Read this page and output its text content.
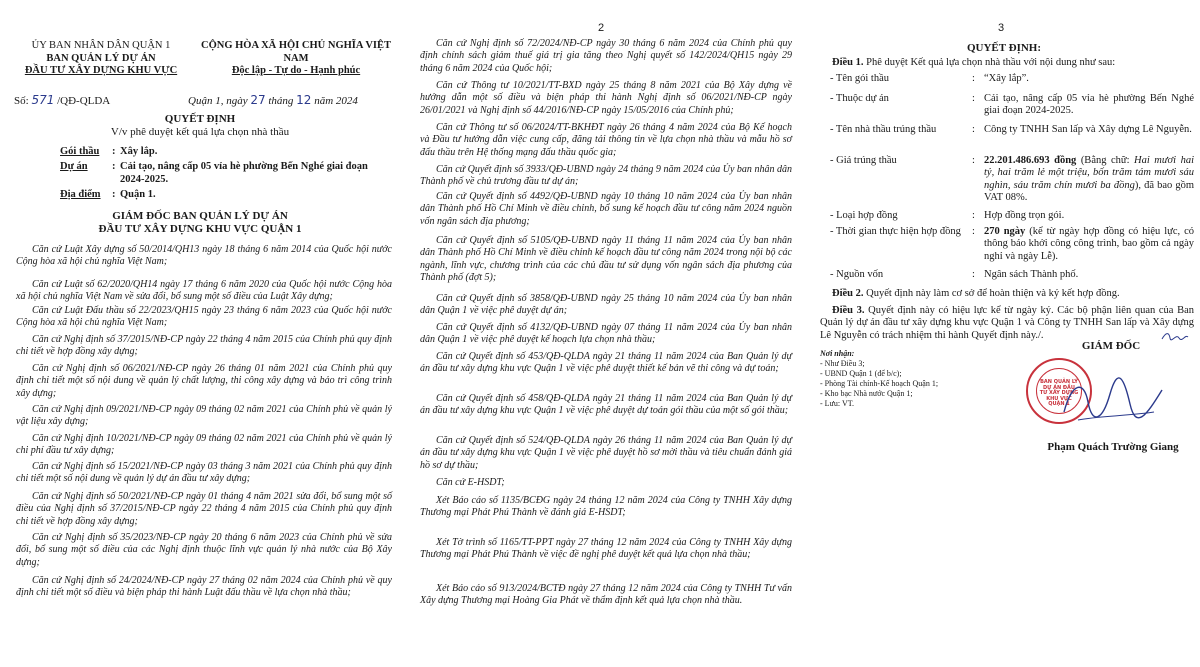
ỦY BAN NHÂN DÂN QUẬN 1
BAN QUẢN LÝ DỰ ÁN
ĐẦU TƯ XÂY DỰNG KHU VỰC
CỘNG HÒA XÃ HỘI CHỦ NGHĨA VIỆT NAM
Độc lập - Tự do - Hạnh phúc
Số: 571 /QĐ-QLDA	Quận 1, ngày 27 tháng 12 năm 2024
QUYẾT ĐỊNH
V/v phê duyệt kết quả lựa chọn nhà thầu
Gói thầu	: Xây lắp.
Dự án	: Cải tạo, nâng cấp 05 vỉa hè phường Bến Nghé giai đoạn 2024-2025.
Địa điểm	: Quận 1.
GIÁM ĐỐC BAN QUẢN LÝ DỰ ÁN
ĐẦU TƯ XÂY DỰNG KHU VỰC QUẬN 1

Căn cứ Luật Xây dựng số 50/2014/QH13 ngày 18 tháng 6 năm 2014 của Quốc hội nước Cộng hòa xã hội chủ nghĩa Việt Nam;

Căn cứ Luật số 62/2020/QH14 ngày 17 tháng 6 năm 2020 của Quốc hội nước Cộng hòa xã hội chủ nghĩa Việt Nam về sửa đổi, bổ sung một số điều của Luật Xây dựng;

Căn cứ Luật Đấu thầu số 22/2023/QH15 ngày 23 tháng 6 năm 2023 của Quốc hội nước Cộng hòa xã hội chủ nghĩa Việt Nam;

Căn cứ Nghị định số 37/2015/NĐ-CP ngày 22 tháng 4 năm 2015 của Chính phủ quy định chi tiết về hợp đồng xây dựng;

Căn cứ Nghị định số 06/2021/NĐ-CP ngày 26 tháng 01 năm 2021 của Chính phủ quy định chi tiết một số nội dung về quản lý chất lượng, thi công xây dựng và bảo trì công trình xây dựng;

Căn cứ Nghị định 09/2021/NĐ-CP ngày 09 tháng 02 năm 2021 của Chính phủ về quản lý vật liệu xây dựng;

Căn cứ Nghị định 10/2021/NĐ-CP ngày 09 tháng 02 năm 2021 của Chính phủ về quản lý chi phí đầu tư xây dựng;

Căn cứ Nghị định số 15/2021/NĐ-CP ngày 03 tháng 3 năm 2021 của Chính phủ quy định chi tiết một số nội dung về quản lý dự án đầu tư xây dựng;

Căn cứ Nghị định số 50/2021/NĐ-CP ngày 01 tháng 4 năm 2021 sửa đổi, bổ sung một số điều của Nghị định số 37/2015/NĐ-CP ngày 22 tháng 4 năm 2015 của Chính phủ quy định chi tiết về hợp đồng xây dựng;

Căn cứ Nghị định số 35/2023/NĐ-CP ngày 20 tháng 6 năm 2023 của Chính phủ về sửa đổi, bổ sung một số điều của các Nghị định thuộc lĩnh vực quản lý nhà nước của Bộ Xây dựng;

Căn cứ Nghị định số 24/2024/NĐ-CP ngày 27 tháng 02 năm 2024 của Chính phủ về quy định chi tiết một số điều và biện pháp thi hành Luật đấu thầu về lựa chọn nhà thầu;

2

Căn cứ Nghị định số 72/2024/NĐ-CP ngày 30 tháng 6 năm 2024 của Chính phủ quy định chính sách giảm thuế giá trị gia tăng theo Nghị quyết số 142/2024/QH15 ngày 29 tháng 6 năm 2024 của Quốc hội;

Căn cứ Thông tư 10/2021/TT-BXD ngày 25 tháng 8 năm 2021 của Bộ Xây dựng về hướng dẫn một số điều và biện pháp thi hành Nghị định số 06/2021/NĐ-CP ngày 26/01/2021 và Nghị định số 44/2016/NĐ-CP ngày 15/05/2016 của Chính phủ;

Căn cứ Thông tư số 06/2024/TT-BKHĐT ngày 26 tháng 4 năm 2024 của Bộ Kế hoạch và Đầu tư hướng dẫn việc cung cấp, đăng tải thông tin về lựa chọn nhà thầu và mẫu hồ sơ đấu thầu trên Hệ thống mạng đấu thầu quốc gia;

Căn cứ Quyết định số 3933/QĐ-UBND ngày 24 tháng 9 năm 2024 của Ủy ban nhân dân Thành phố về chủ trương đầu tư dự án;

Căn cứ Quyết định số 4492/QĐ-UBND ngày 10 tháng 10 năm 2024 của Ủy ban nhân dân Thành phố Hồ Chí Minh về điều chỉnh, bổ sung kế hoạch đầu tư công năm 2024 nguồn vốn ngân sách địa phương;

Căn cứ Quyết định số 5105/QĐ-UBND ngày 11 tháng 11 năm 2024 của Ủy ban nhân dân Thành phố Hồ Chí Minh về điều chỉnh kế hoạch đầu tư công năm 2024 trong nội bộ các ngành, lĩnh vực, chương trình của các chủ đầu tư sử dụng vốn ngân sách địa phương của Thành phố (đợt 5);

Căn cứ Quyết định số 3858/QĐ-UBND ngày 25 tháng 10 năm 2024 của Ủy ban nhân dân Quận 1 về việc phê duyệt dự án;

Căn cứ Quyết định số 4132/QĐ-UBND ngày 07 tháng 11 năm 2024 của Ủy ban nhân dân Quận 1 về việc phê duyệt kế hoạch lựa chọn nhà thầu;

Căn cứ Quyết định số 453/QĐ-QLDA ngày 21 tháng 11 năm 2024 của Ban Quản lý dự án đầu tư xây dựng khu vực Quận 1 về việc phê duyệt thiết kế bản vẽ thi công và dự toán;

Căn cứ Quyết định số 458/QĐ-QLDA ngày 21 tháng 11 năm 2024 của Ban Quản lý dự án đầu tư xây dựng khu vực Quận 1 về việc phê duyệt dự toán gói thầu của một số gói thầu;

Căn cứ Quyết định số 524/QĐ-QLDA ngày 26 tháng 11 năm 2024 của Ban Quản lý dự án đầu tư xây dựng khu vực Quận 1 về việc phê duyệt hồ sơ mời thầu và tiêu chuẩn đánh giá hồ sơ dự thầu;

Căn cứ E-HSDT;

Xét Báo cáo số 1135/BCĐG ngày 24 tháng 12 năm 2024 của Công ty TNHH Xây dựng Thương mại Phát Phú Thành về đánh giá E-HSDT;

Xét Tờ trình số 1165/TT-PPT ngày 27 tháng 12 năm 2024 của Công ty TNHH Xây dựng Thương mại Phát Phú Thành về việc đề nghị phê duyệt kết quả lựa chọn nhà thầu;

Xét Báo cáo số 913/2024/BCTĐ ngày 27 tháng 12 năm 2024 của Công ty TNHH Tư vấn Xây dựng Thương mại Hoàng Gia Phát về thẩm định kết quả lựa chọn nhà thầu.

3
QUYẾT ĐỊNH:
Điều 1. Phê duyệt Kết quả lựa chọn nhà thầu với nội dung như sau:
- Tên gói thầu	: “Xây lắp”.
- Thuộc dự án	: Cải tạo, nâng cấp 05 vỉa hè phường Bến Nghé giai đoạn 2024-2025.
- Tên nhà thầu trúng thầu	: Công ty TNHH San lấp và Xây dựng Lê Nguyễn.
- Giá trúng thầu	: 22.201.486.693 đồng (Bằng chữ: Hai mươi hai tỷ, hai trăm lẻ một triệu, bốn trăm tám mươi sáu nghìn, sáu trăm chín mươi ba đồng), đã bao gồm VAT 08%.
- Loại hợp đồng	: Hợp đồng trọn gói.
- Thời gian thực hiện hợp đồng	: 270 ngày (kể từ ngày hợp đồng có hiệu lực, có thông báo khởi công công trình, bao gồm cả ngày nghỉ và ngày Lễ).
- Nguồn vốn	: Ngân sách Thành phố.
Điều 2. Quyết định này làm cơ sở để hoàn thiện và ký kết hợp đồng.
Điều 3. Quyết định này có hiệu lực kể từ ngày ký. Các bộ phận liên quan của Ban Quản lý dự án đầu tư xây dựng khu vực Quận 1 và Công ty TNHH San lấp và Xây dựng Lê Nguyễn có trách nhiệm thi hành Quyết định này./.
Nơi nhận:
- Như Điều 3;
- UBND Quận 1 (để b/c);
- Phòng Tài chính-Kế hoạch Quận 1;
- Kho bạc Nhà nước Quận 1;
- Lưu: VT.
GIÁM ĐỐC
BAN QUẢN LÝ DỰ ÁN ĐẦU TƯ XÂY DỰNG KHU VỰC QUẬN 1
Phạm Quách Trường Giang
